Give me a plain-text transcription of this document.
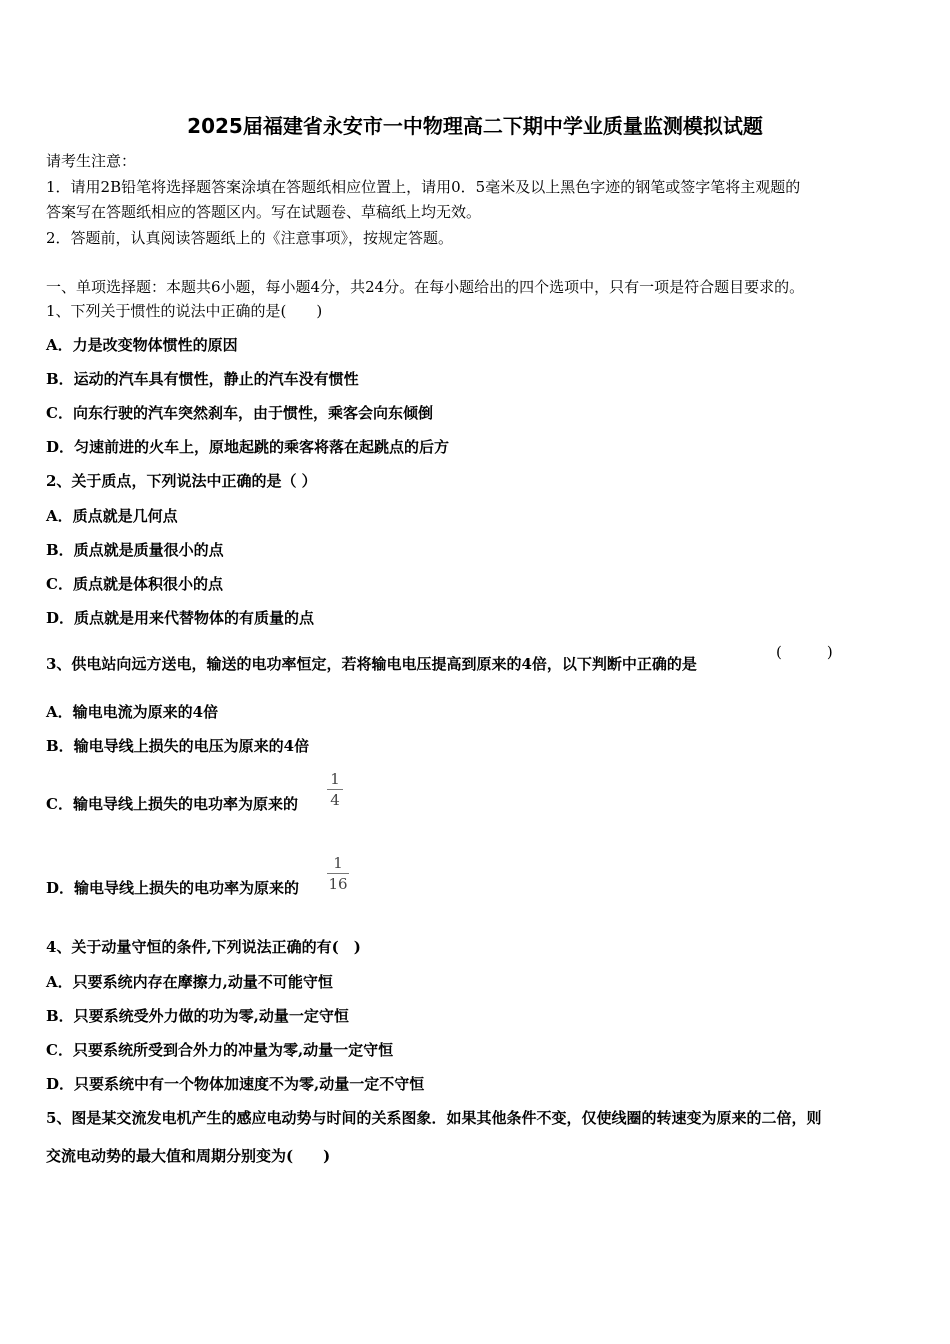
2025届福建省永安市一中物理高二下期中学业质量监测模拟试题
请考生注意：
1．请用2B铅笔将选择题答案涂填在答题纸相应位置上，请用0．5毫米及以上黑色字迹的钢笔或签字笔将主观题的
答案写在答题纸相应的答题区内。写在试题卷、草稿纸上均无效。
2．答题前，认真阅读答题纸上的《注意事项》，按规定答题。
一、单项选择题：本题共6小题，每小题4分，共24分。在每小题给出的四个选项中，只有一项是符合题目要求的。
1、下列关于惯性的说法中正确的是(　　)
A．力是改变物体惯性的原因
B．运动的汽车具有惯性，静止的汽车没有惯性
C．向东行驶的汽车突然刹车，由于惯性，乘客会向东倾倒
D．匀速前进的火车上，原地起跳的乘客将落在起跳点的后方
2、关于质点，下列说法中正确的是（ ）
A．质点就是几何点
B．质点就是质量很小的点
C．质点就是体积很小的点
D．质点就是用来代替物体的有质量的点
3、供电站向远方送电，输送的电功率恒定，若将输电电压提高到原来的4倍，以下判断中正确的是
(　　　)
A．输电电流为原来的4倍
B．输电导线上损失的电压为原来的4倍
C．输电导线上损失的电功率为原来的
1
4
D．输电导线上损失的电功率为原来的
1
16
4、关于动量守恒的条件,下列说法正确的有(　)
A．只要系统内存在摩擦力,动量不可能守恒
B．只要系统受外力做的功为零,动量一定守恒
C．只要系统所受到合外力的冲量为零,动量一定守恒
D．只要系统中有一个物体加速度不为零,动量一定不守恒
5、图是某交流发电机产生的感应电动势与时间的关系图象．如果其他条件不变，仅使线圈的转速变为原来的二倍，则
交流电动势的最大值和周期分别变为(　　)
